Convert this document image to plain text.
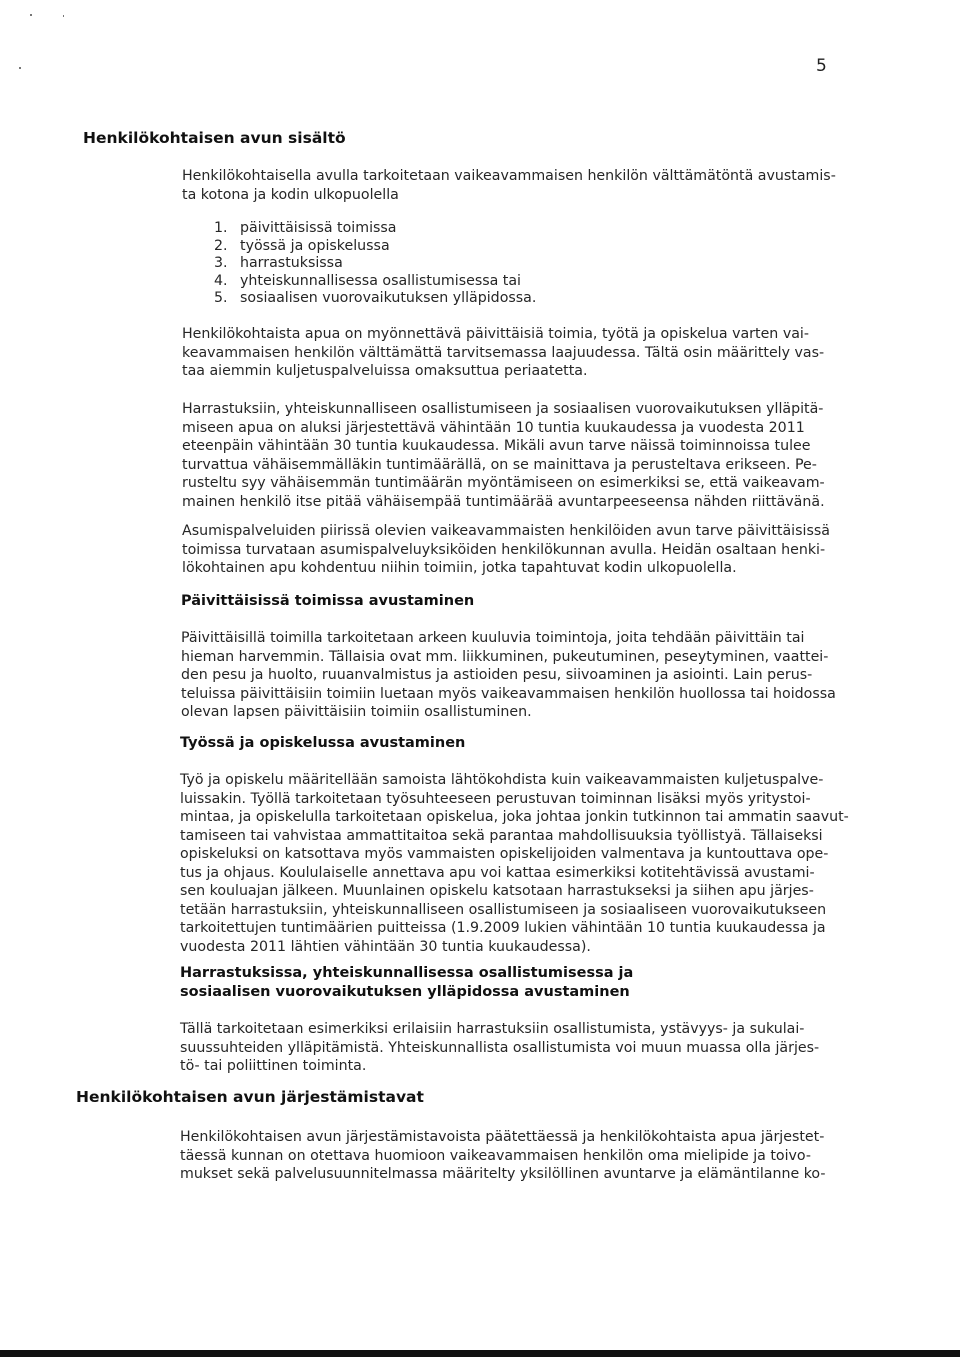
5
Henkilökohtaisen avun sisältö
Henkilökohtaisella avulla tarkoitetaan vaikeavammaisen henkilön välttämätöntä avustamis-
ta kotona ja kodin ulkopuolella
1. päivittäisissä toimissa
2. työssä ja opiskelussa
3. harrastuksissa
4. yhteiskunnallisessa osallistumisessa tai
5. sosiaalisen vuorovaikutuksen ylläpidossa.
Henkilökohtaista apua on myönnettävä päivittäisiä toimia, työtä ja opiskelua varten vai-
keavammaisen henkilön välttämättä tarvitsemassa laajuudessa. Tältä osin määrittely vas-
taa aiemmin kuljetuspalveluissa omaksuttua periaatetta.
Harrastuksiin, yhteiskunnalliseen osallistumiseen ja sosiaalisen vuorovaikutuksen ylläpitä-
miseen apua on aluksi järjestettävä vähintään 10 tuntia kuukaudessa ja vuodesta 2011
eteenpäin vähintään 30 tuntia kuukaudessa. Mikäli avun tarve näissä toiminnoissa tulee
turvattua vähäisemmälläkin tuntimäärällä, on se mainittava ja perusteltava erikseen. Pe-
rusteltu syy vähäisemmän tuntimäärän myöntämiseen on esimerkiksi se, että vaikeavam-
mainen henkilö itse pitää vähäisempää tuntimäärää avuntarpeeseensa nähden riittävänä.
Asumispalveluiden piirissä olevien vaikeavammaisten henkilöiden avun tarve päivittäisissä
toimissa turvataan asumispalveluyksiköiden henkilökunnan avulla. Heidän osaltaan henki-
lökohtainen apu kohdentuu niihin toimiin, jotka tapahtuvat kodin ulkopuolella.
Päivittäisissä toimissa avustaminen
Päivittäisillä toimilla tarkoitetaan arkeen kuuluvia toimintoja, joita tehdään päivittäin tai
hieman harvemmin. Tällaisia ovat mm. liikkuminen, pukeutuminen, peseytyminen, vaattei-
den pesu ja huolto, ruuanvalmistus ja astioiden pesu, siivoaminen ja asiointi. Lain perus-
teluissa päivittäisiin toimiin luetaan myös vaikeavammaisen henkilön huollossa tai hoidossa
olevan lapsen päivittäisiin toimiin osallistuminen.
Työssä ja opiskelussa avustaminen
Työ ja opiskelu määritellään samoista lähtökohdista kuin vaikeavammaisten kuljetuspalve-
luissakin. Työllä tarkoitetaan työsuhteeseen perustuvan toiminnan lisäksi myös yritystoi-
mintaa, ja opiskelulla tarkoitetaan opiskelua, joka johtaa jonkin tutkinnon tai ammatin saavut-
tamiseen tai vahvistaa ammattitaitoa sekä parantaa mahdollisuuksia työllistyä. Tällaiseksi
opiskeluksi on katsottava myös vammaisten opiskelijoiden valmentava ja kuntouttava ope-
tus ja ohjaus. Koululaiselle annettava apu voi kattaa esimerkiksi kotitehtävissä avustami-
sen kouluajan jälkeen. Muunlainen opiskelu katsotaan harrastukseksi ja siihen apu järjes-
tetään harrastuksiin, yhteiskunnalliseen osallistumiseen ja sosiaaliseen vuorovaikutukseen
tarkoitettujen tuntimäärien puitteissa (1.9.2009 lukien vähintään 10 tuntia kuukaudessa ja
vuodesta 2011 lähtien vähintään 30 tuntia kuukaudessa).
Harrastuksissa, yhteiskunnallisessa osallistumisessa ja
sosiaalisen vuorovaikutuksen ylläpidossa avustaminen
Tällä tarkoitetaan esimerkiksi erilaisiin harrastuksiin osallistumista, ystävyys- ja sukulai-
suussuhteiden ylläpitämistä. Yhteiskunnallista osallistumista voi muun muassa olla järjes-
tö- tai poliittinen toiminta.
Henkilökohtaisen avun järjestämistavat
Henkilökohtaisen avun järjestämistavoista päätettäessä ja henkilökohtaista apua järjestet-
täessä kunnan on otettava huomioon vaikeavammaisen henkilön oma mielipide ja toivo-
mukset sekä palvelusuunnitelmassa määritelty yksilöllinen avuntarve ja elämäntilanne ko-
